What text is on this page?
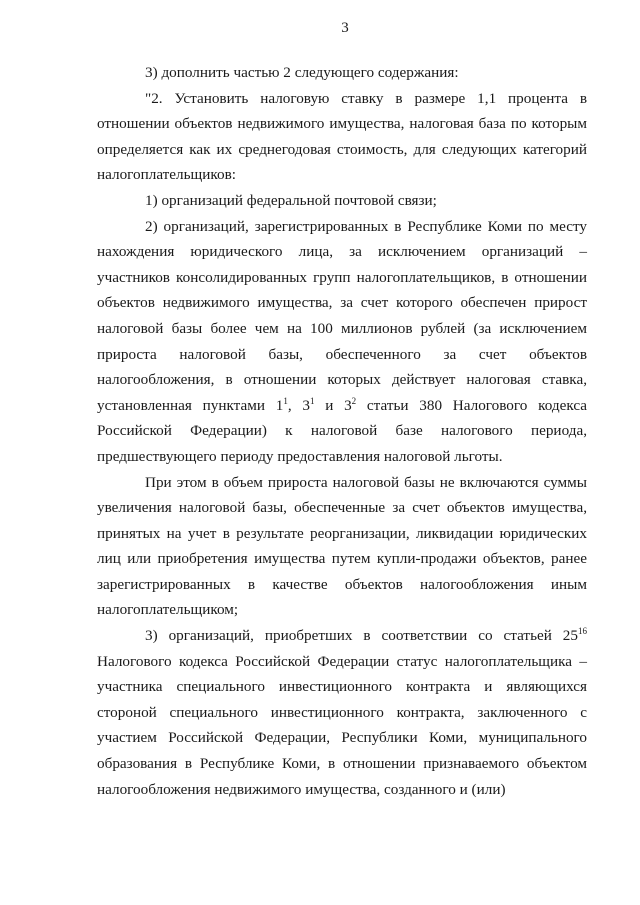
3

3) дополнить частью 2 следующего содержания:

"2. Установить налоговую ставку в размере 1,1 процента в отношении объектов недвижимого имущества, налоговая база по которым определяется как их среднегодовая стоимость, для следующих категорий налогоплательщиков:

1) организаций федеральной почтовой связи;

2) организаций, зарегистрированных в Республике Коми по месту нахождения юридического лица, за исключением организаций – участников консолидированных групп налогоплательщиков, в отношении объектов недвижимого имущества, за счет которого обеспечен прирост налоговой базы более чем на 100 миллионов рублей (за исключением прироста налоговой базы, обеспеченного за счет объектов налогообложения, в отношении которых действует налоговая ставка, установленная пунктами $1^1$, $3^1$ и $3^2$ статьи 380 Налогового кодекса Российской Федерации) к налоговой базе налогового периода, предшествующего периоду предоставления налоговой льготы.

При этом в объем прироста налоговой базы не включаются суммы увеличения налоговой базы, обеспеченные за счет объектов имущества, принятых на учет в результате реорганизации, ликвидации юридических лиц или приобретения имущества путем купли-продажи объектов, ранее зарегистрированных в качестве объектов налогообложения иным налогоплательщиком;

3) организаций, приобретших в соответствии со статьей $25^{16}$ Налогового кодекса Российской Федерации статус налогоплательщика – участника специального инвестиционного контракта и являющихся стороной специального инвестиционного контракта, заключенного с участием Российской Федерации, Республики Коми, муниципального образования в Республике Коми, в отношении признаваемого объектом налогообложения недвижимого имущества, созданного и (или)
